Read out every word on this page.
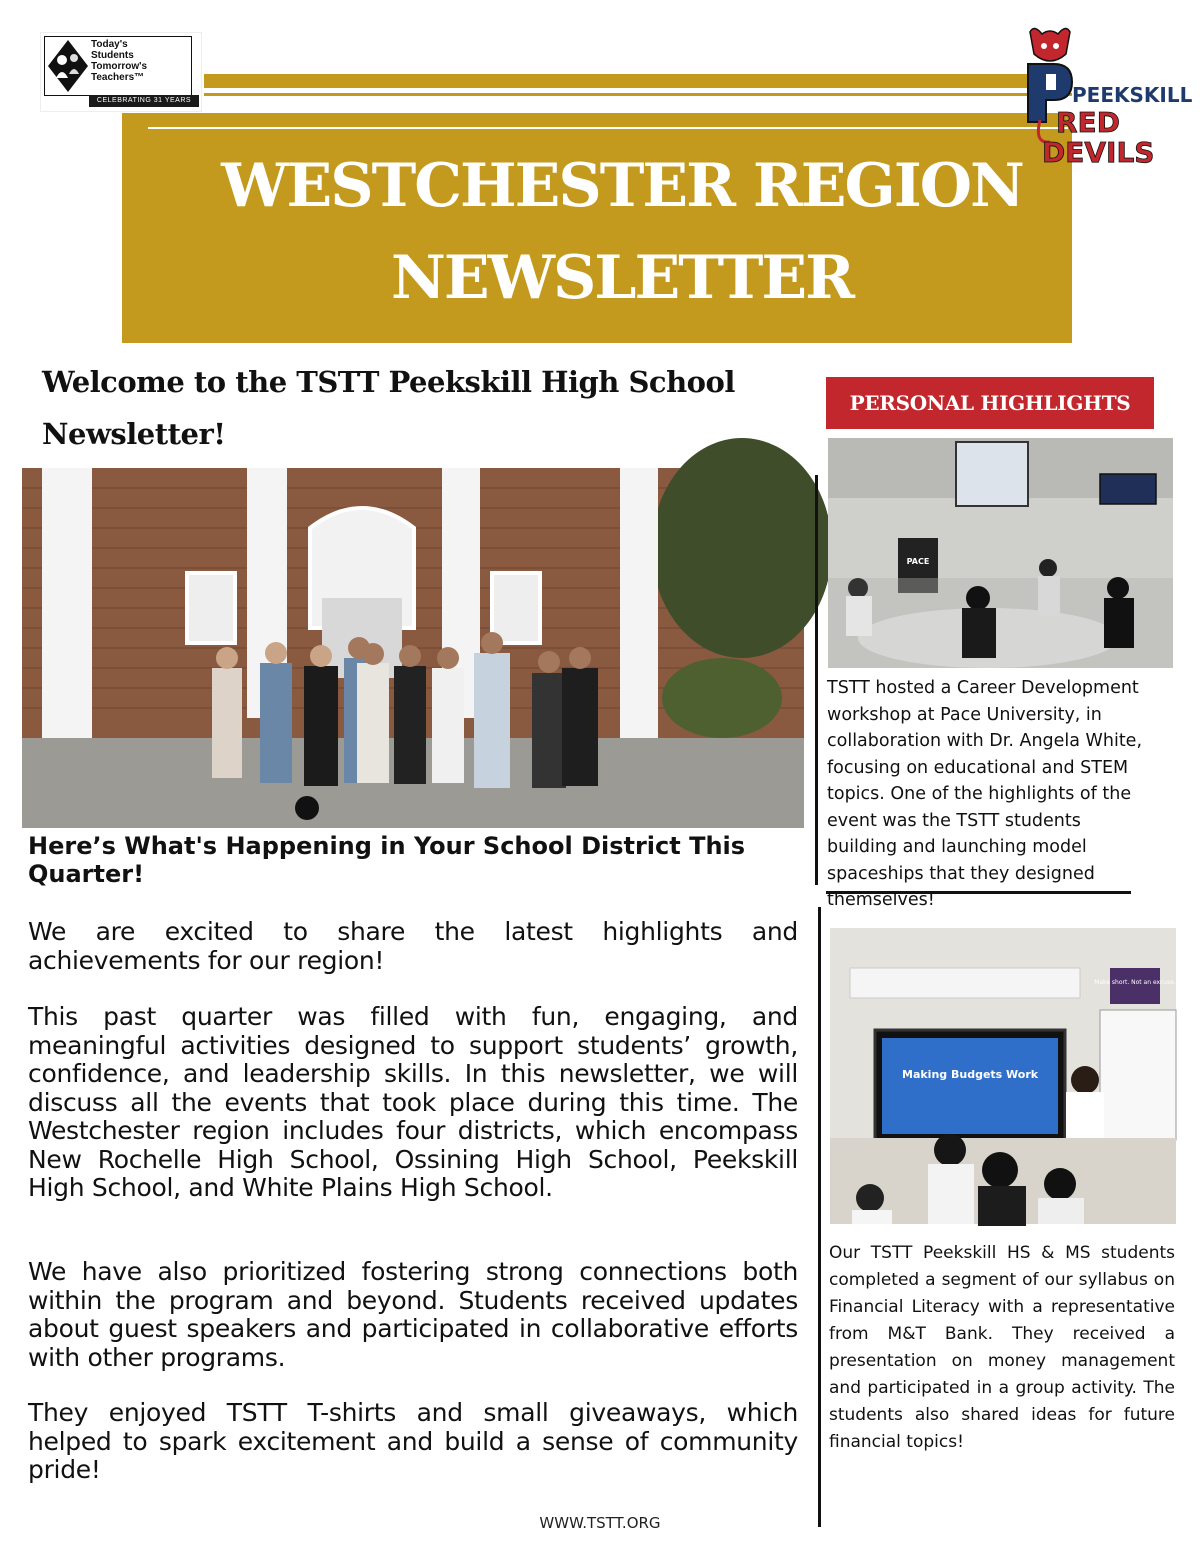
Today's
Students
Tomorrow's
Teachers™
CELEBRATING 31 YEARS
WESTCHESTER REGION
NEWSLETTER
PEEKSKILL
RED
DEVILS
Welcome to the TSTT Peekskill High School Newsletter!
Here’s What's Happening in Your School District This Quarter!

We are excited to share the latest highlights and achievements for our region!

This past quarter was filled with fun, engaging, and meaningful activities designed to support students’ growth, confidence, and leadership skills. In this newsletter, we will discuss all the events that took place during this time. The Westchester region includes four districts, which encompass New Rochelle High School, Ossining High School, Peekskill High School, and White Plains High School.

We have also prioritized fostering strong connections both within the program and beyond. Students received updates about guest speakers and participated in collaborative efforts with other programs.

They enjoyed TSTT T-shirts and small giveaways, which helped to spark excitement and build a sense of community pride!

WWW.TSTT.ORG
PERSONAL HIGHLIGHTS
PACE
TSTT hosted a Career Development workshop at Pace University, in collaboration with Dr. Angela White, focusing on educational and STEM topics. One of the highlights of the event was the TSTT students building and launching model spaceships that they designed themselves!
Make short. Not an excuse.
Making Budgets Work
Our TSTT Peekskill HS & MS students completed a segment of our syllabus on Financial Literacy with a representative from M&T Bank. They received a presentation on money management and participated in a group activity. The students also shared ideas for future financial topics!
